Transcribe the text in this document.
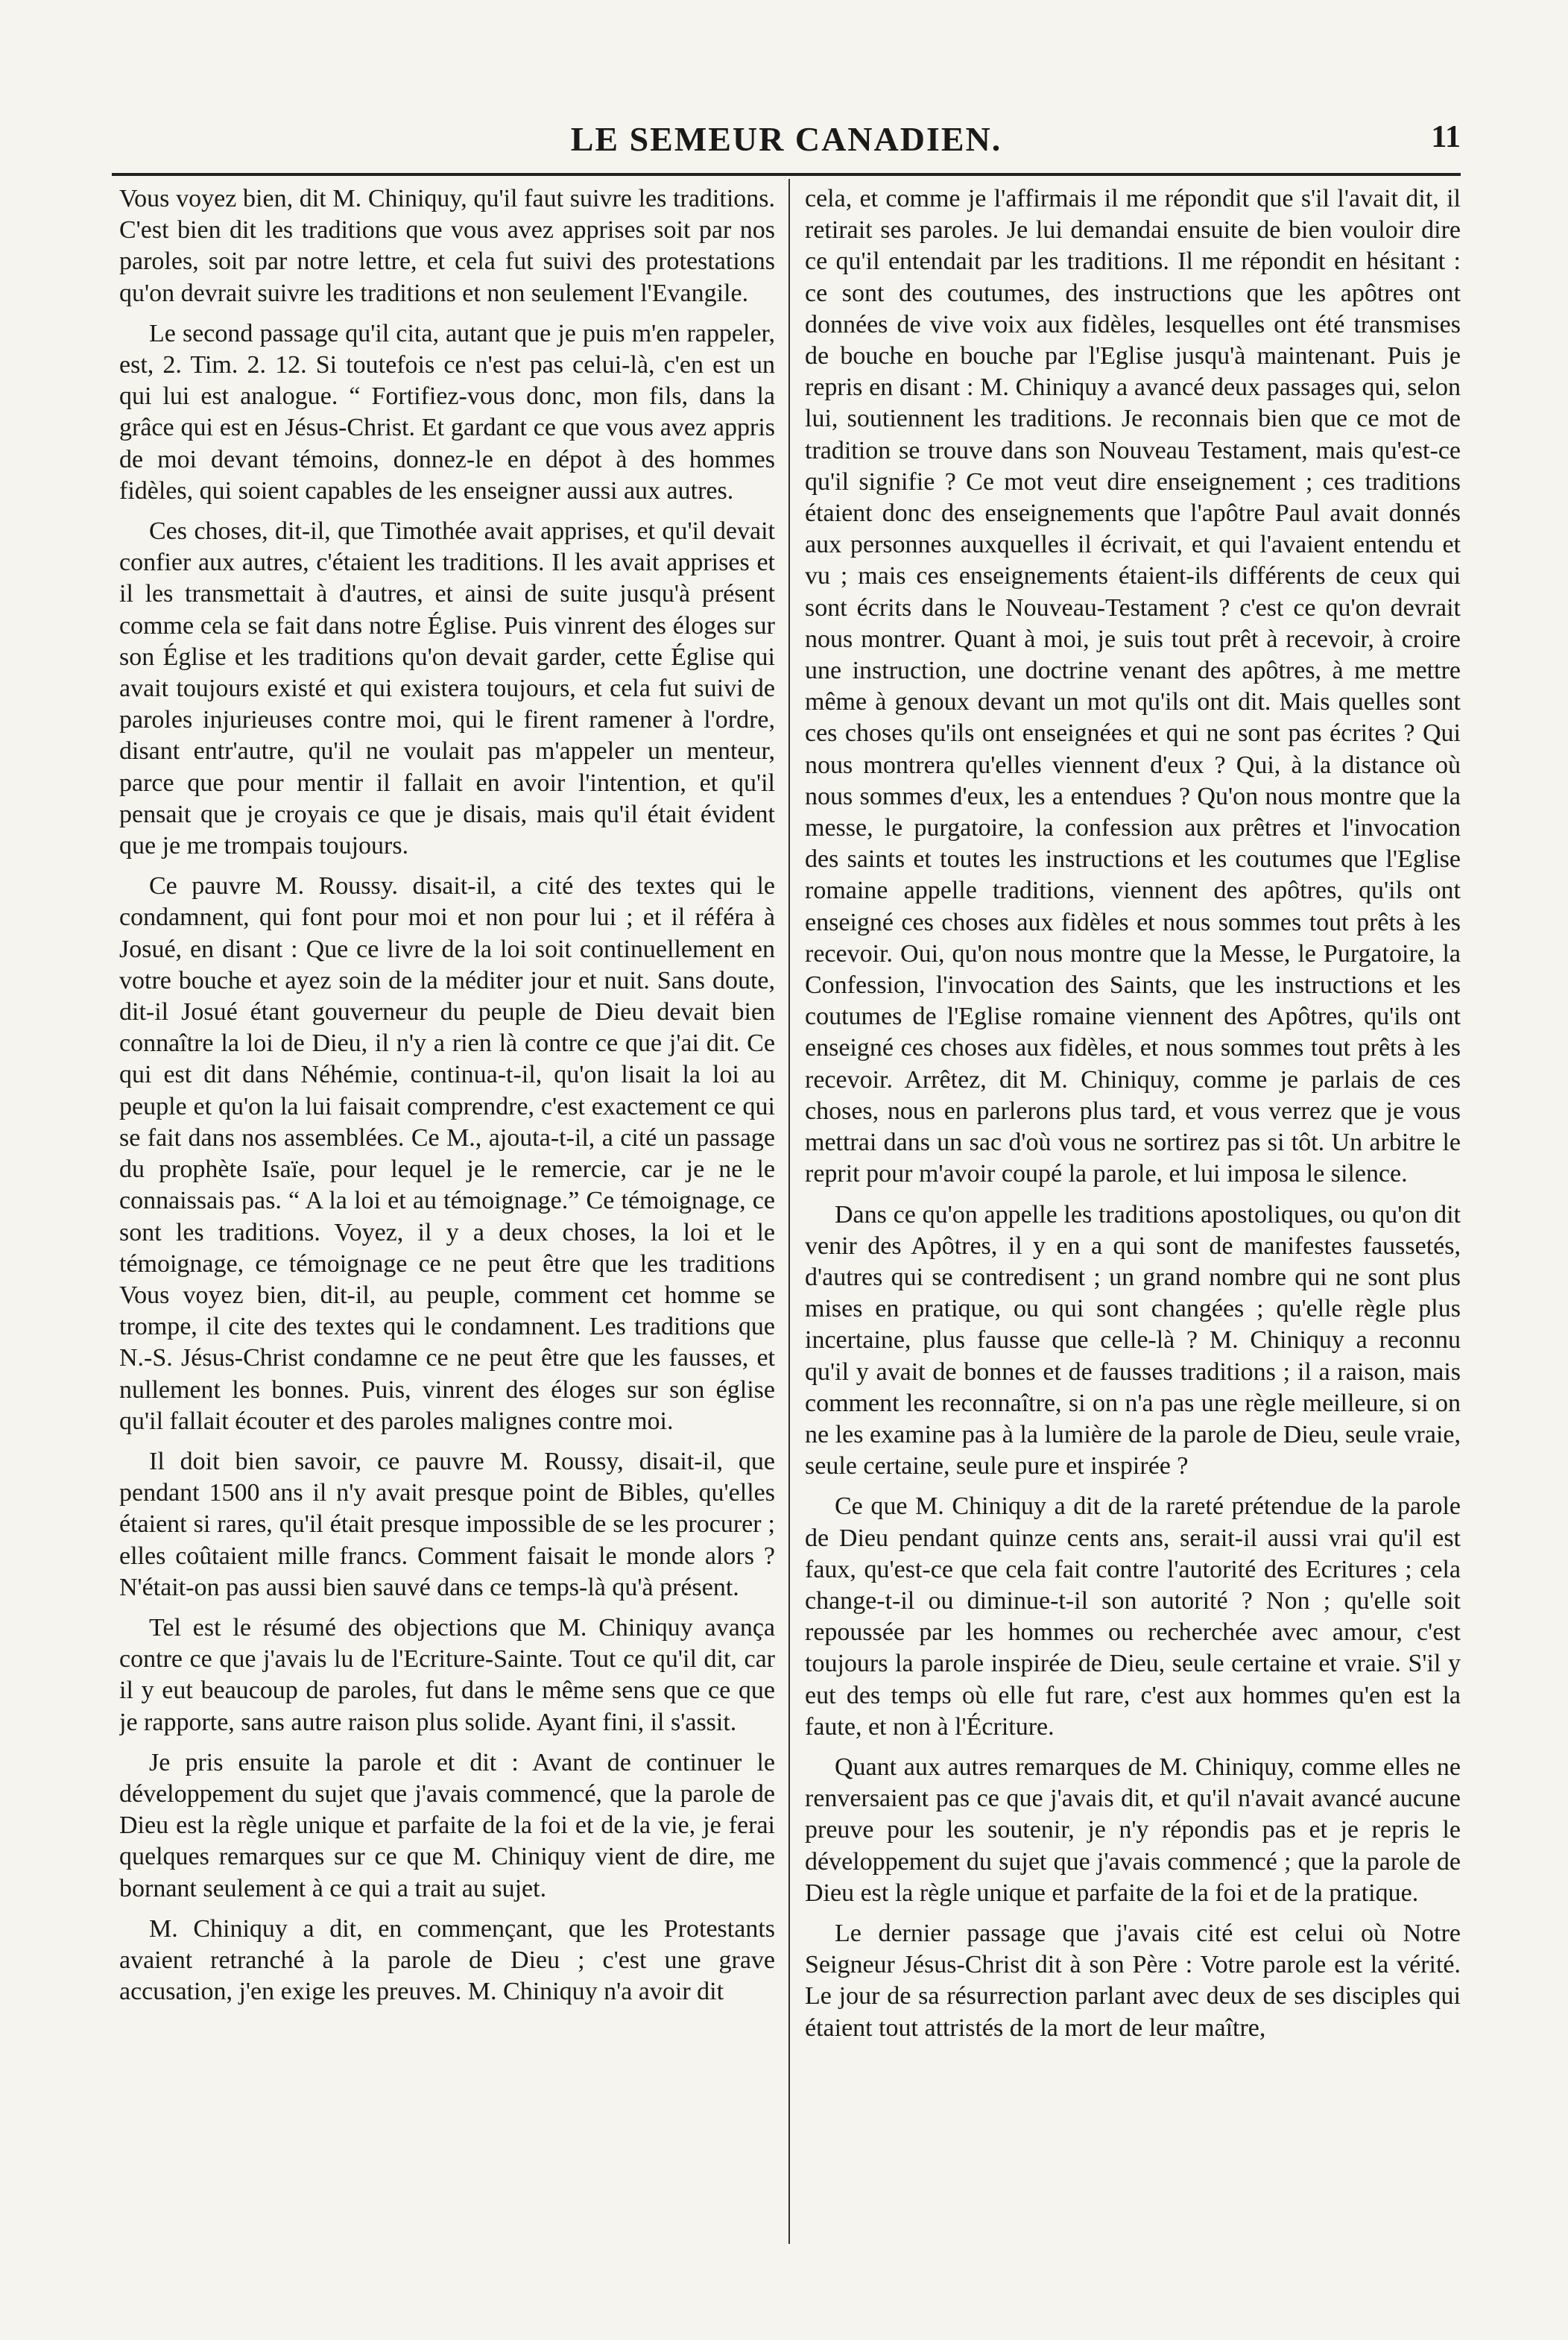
LE SEMEUR CANADIEN.	11

Vous voyez bien, dit M. Chiniquy, qu'il faut suivre les traditions. C'est bien dit les traditions que vous avez apprises soit par nos paroles, soit par notre lettre, et cela fut suivi des protestations qu'on devrait suivre les traditions et non seulement l'Evangile.

Le second passage qu'il cita, autant que je puis m'en rappeler, est, 2. Tim. 2. 12. Si toutefois ce n'est pas celui-là, c'en est un qui lui est analogue. “ Fortifiez-vous donc, mon fils, dans la grâce qui est en Jésus-Christ. Et gardant ce que vous avez appris de moi devant témoins, donnez-le en dépot à des hommes fidèles, qui soient capables de les enseigner aussi aux autres.

Ces choses, dit-il, que Timothée avait apprises, et qu'il devait confier aux autres, c'étaient les traditions. Il les avait apprises et il les transmettait à d'autres, et ainsi de suite jusqu'à présent comme cela se fait dans notre Église. Puis vinrent des éloges sur son Église et les traditions qu'on devait garder, cette Église qui avait toujours existé et qui existera toujours, et cela fut suivi de paroles injurieuses contre moi, qui le firent ramener à l'ordre, disant entr'autre, qu'il ne voulait pas m'appeler un menteur, parce que pour mentir il fallait en avoir l'intention, et qu'il pensait que je croyais ce que je disais, mais qu'il était évident que je me trompais toujours.

Ce pauvre M. Roussy. disait-il, a cité des textes qui le condamnent, qui font pour moi et non pour lui ; et il référa à Josué, en disant : Que ce livre de la loi soit continuellement en votre bouche et ayez soin de la méditer jour et nuit. Sans doute, dit-il Josué étant gouverneur du peuple de Dieu devait bien connaître la loi de Dieu, il n'y a rien là contre ce que j'ai dit. Ce qui est dit dans Néhémie, continua-t-il, qu'on lisait la loi au peuple et qu'on la lui faisait comprendre, c'est exactement ce qui se fait dans nos assemblées. Ce M., ajouta-t-il, a cité un passage du prophète Isaïe, pour lequel je le remercie, car je ne le connaissais pas. “ A la loi et au témoignage.” Ce témoignage, ce sont les traditions. Voyez, il y a deux choses, la loi et le témoignage, ce témoignage ce ne peut être que les traditions Vous voyez bien, dit-il, au peuple, comment cet homme se trompe, il cite des textes qui le condamnent. Les traditions que N.-S. Jésus-Christ condamne ce ne peut être que les fausses, et nullement les bonnes. Puis, vinrent des éloges sur son église qu'il fallait écouter et des paroles malignes contre moi.

Il doit bien savoir, ce pauvre M. Roussy, disait-il, que pendant 1500 ans il n'y avait presque point de Bibles, qu'elles étaient si rares, qu'il était presque impossible de se les procurer ; elles coûtaient mille francs. Comment faisait le monde alors ? N'était-on pas aussi bien sauvé dans ce temps-là qu'à présent.

Tel est le résumé des objections que M. Chiniquy avança contre ce que j'avais lu de l'Ecriture-Sainte. Tout ce qu'il dit, car il y eut beaucoup de paroles, fut dans le même sens que ce que je rapporte, sans autre raison plus solide. Ayant fini, il s'assit.

Je pris ensuite la parole et dit : Avant de continuer le développement du sujet que j'avais commencé, que la parole de Dieu est la règle unique et parfaite de la foi et de la vie, je ferai quelques remarques sur ce que M. Chiniquy vient de dire, me bornant seulement à ce qui a trait au sujet.

M. Chiniquy a dit, en commençant, que les Protestants avaient retranché à la parole de Dieu ; c'est une grave accusation, j'en exige les preuves. M. Chiniquy n'a avoir dit

cela, et comme je l'affirmais il me répondit que s'il l'avait dit, il retirait ses paroles. Je lui demandai ensuite de bien vouloir dire ce qu'il entendait par les traditions. Il me répondit en hésitant : ce sont des coutumes, des instructions que les apôtres ont données de vive voix aux fidèles, lesquelles ont été transmises de bouche en bouche par l'Eglise jusqu'à maintenant. Puis je repris en disant : M. Chiniquy a avancé deux passages qui, selon lui, soutiennent les traditions. Je reconnais bien que ce mot de tradition se trouve dans son Nouveau Testament, mais qu'est-ce qu'il signifie ? Ce mot veut dire enseignement ; ces traditions étaient donc des enseignements que l'apôtre Paul avait donnés aux personnes auxquelles il écrivait, et qui l'avaient entendu et vu ; mais ces enseignements étaient-ils différents de ceux qui sont écrits dans le Nouveau-Testament ? c'est ce qu'on devrait nous montrer. Quant à moi, je suis tout prêt à recevoir, à croire une instruction, une doctrine venant des apôtres, à me mettre même à genoux devant un mot qu'ils ont dit. Mais quelles sont ces choses qu'ils ont enseignées et qui ne sont pas écrites ? Qui nous montrera qu'elles viennent d'eux ? Qui, à la distance où nous sommes d'eux, les a entendues ? Qu'on nous montre que la messe, le purgatoire, la confession aux prêtres et l'invocation des saints et toutes les instructions et les coutumes que l'Eglise romaine appelle traditions, viennent des apôtres, qu'ils ont enseigné ces choses aux fidèles et nous sommes tout prêts à les recevoir. Oui, qu'on nous montre que la Messe, le Purgatoire, la Confession, l'invocation des Saints, que les instructions et les coutumes de l'Eglise romaine viennent des Apôtres, qu'ils ont enseigné ces choses aux fidèles, et nous sommes tout prêts à les recevoir. Arrêtez, dit M. Chiniquy, comme je parlais de ces choses, nous en parlerons plus tard, et vous verrez que je vous mettrai dans un sac d'où vous ne sortirez pas si tôt. Un arbitre le reprit pour m'avoir coupé la parole, et lui imposa le silence.

Dans ce qu'on appelle les traditions apostoliques, ou qu'on dit venir des Apôtres, il y en a qui sont de manifestes faussetés, d'autres qui se contredisent ; un grand nombre qui ne sont plus mises en pratique, ou qui sont changées ; qu'elle règle plus incertaine, plus fausse que celle-là ? M. Chiniquy a reconnu qu'il y avait de bonnes et de fausses traditions ; il a raison, mais comment les reconnaître, si on n'a pas une règle meilleure, si on ne les examine pas à la lumière de la parole de Dieu, seule vraie, seule certaine, seule pure et inspirée ?

Ce que M. Chiniquy a dit de la rareté prétendue de la parole de Dieu pendant quinze cents ans, serait-il aussi vrai qu'il est faux, qu'est-ce que cela fait contre l'autorité des Ecritures ; cela change-t-il ou diminue-t-il son autorité ? Non ; qu'elle soit repoussée par les hommes ou recherchée avec amour, c'est toujours la parole inspirée de Dieu, seule certaine et vraie. S'il y eut des temps où elle fut rare, c'est aux hommes qu'en est la faute, et non à l'Écriture.

Quant aux autres remarques de M. Chiniquy, comme elles ne renversaient pas ce que j'avais dit, et qu'il n'avait avancé aucune preuve pour les soutenir, je n'y répondis pas et je repris le développement du sujet que j'avais commencé ; que la parole de Dieu est la règle unique et parfaite de la foi et de la pratique.

Le dernier passage que j'avais cité est celui où Notre Seigneur Jésus-Christ dit à son Père : Votre parole est la vérité. Le jour de sa résurrection parlant avec deux de ses disciples qui étaient tout attristés de la mort de leur maître,
